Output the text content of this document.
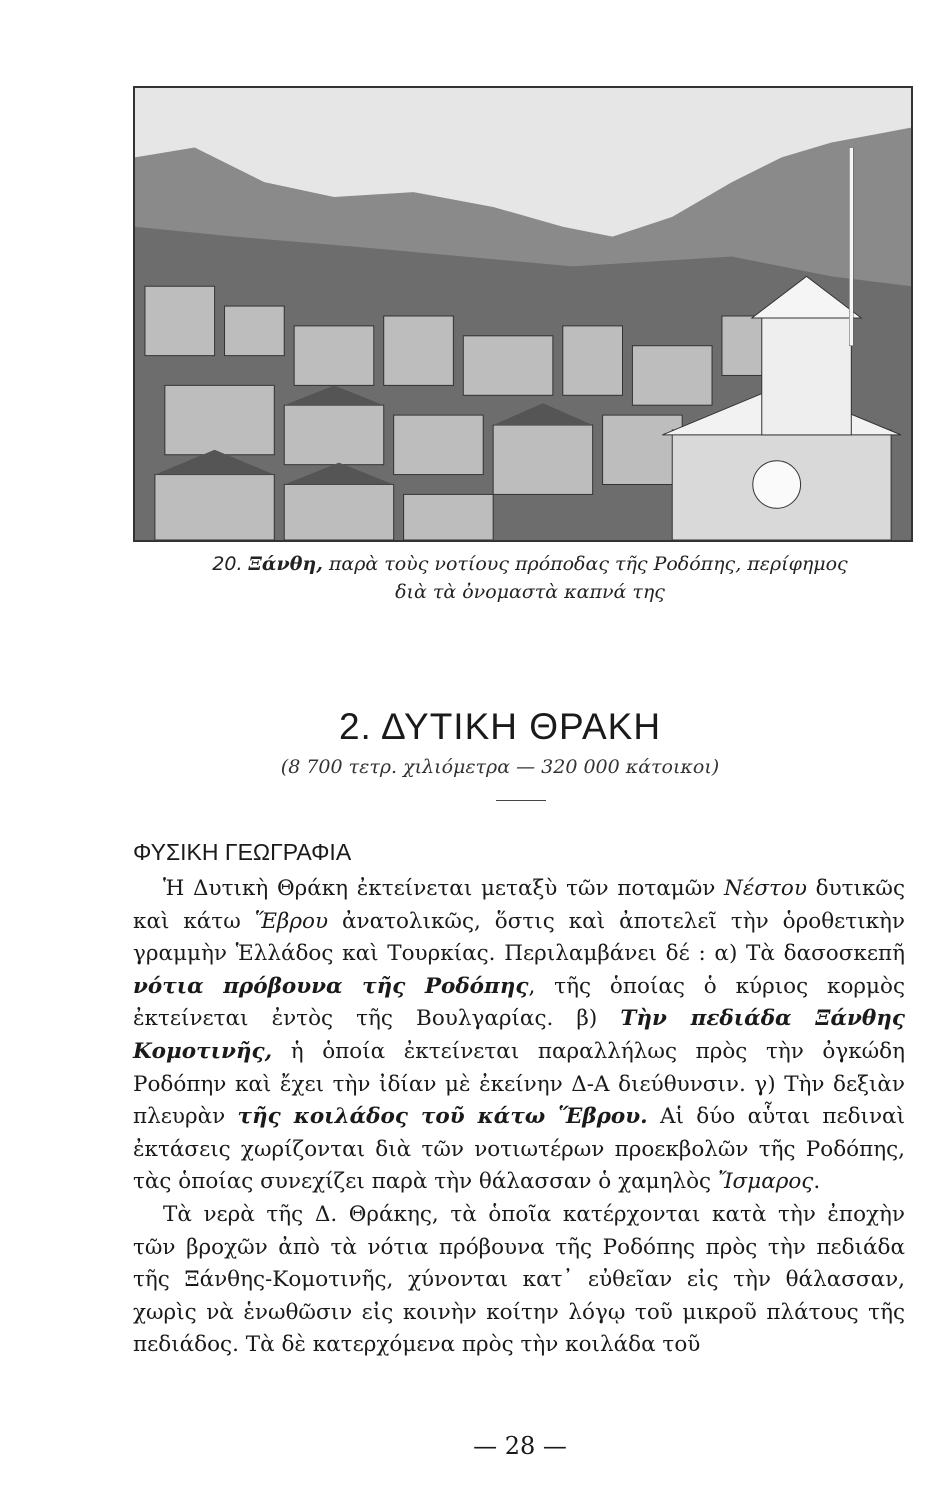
20. Ξάνθη, παρὰ τοὺς νοτίους πρόποδας τῆς Ροδόπης, περίφημος
διὰ τὰ ὀνομαστὰ καπνά της
2. ΔΥΤΙΚΗ ΘΡΑΚΗ
(8 700 τετρ. χιλιόμετρα — 320 000 κάτοικοι)
ΦΥΣΙΚΗ ΓΕΩΓΡΑΦΙΑ

Ἡ Δυτικὴ Θράκη ἐκτείνεται μεταξὺ τῶν ποταμῶν Νέστου δυτικῶς καὶ κάτω Ἕβρου ἀνατολικῶς, ὅστις καὶ ἀποτελεῖ τὴν ὁροθετικὴν γραμμὴν Ἑλλάδος καὶ Τουρκίας. Περιλαμβάνει δέ : α) Τὰ δασοσκεπῆ νότια πρόβουνα τῆς Ροδόπης, τῆς ὁποίας ὁ κύριος κορμὸς ἐκτείνεται ἐντὸς τῆς Βουλγαρίας. β) Τὴν πεδιάδα Ξάνθης Κομοτινῆς, ἡ ὁποία ἐκτείνεται παραλλήλως πρὸς τὴν ὀγκώδη Ροδόπην καὶ ἔχει τὴν ἰδίαν μὲ ἐκείνην Δ-Α διεύθυνσιν. γ) Τὴν δεξιὰν πλευρὰν τῆς κοιλάδος τοῦ κάτω Ἕβρου. Αἱ δύο αὗται πεδιναὶ ἐκτάσεις χωρίζονται διὰ τῶν νοτιωτέρων προεκβολῶν τῆς Ροδόπης, τὰς ὁποίας συνεχίζει παρὰ τὴν θάλασσαν ὁ χαμηλὸς Ἴσμαρος.

Τὰ νερὰ τῆς Δ. Θράκης, τὰ ὁποῖα κατέρχονται κατὰ τὴν ἐποχὴν τῶν βροχῶν ἀπὸ τὰ νότια πρόβουνα τῆς Ροδόπης πρὸς τὴν πεδιάδα τῆς Ξάνθης-Κομοτινῆς, χύνονται κατ᾿ εὐθεῖαν εἰς τὴν θάλασσαν, χωρὶς νὰ ἑνωθῶσιν εἰς κοινὴν κοίτην λόγῳ τοῦ μικροῦ πλάτους τῆς πεδιάδος. Τὰ δὲ κατερχόμενα πρὸς τὴν κοιλάδα τοῦ

— 28 —
